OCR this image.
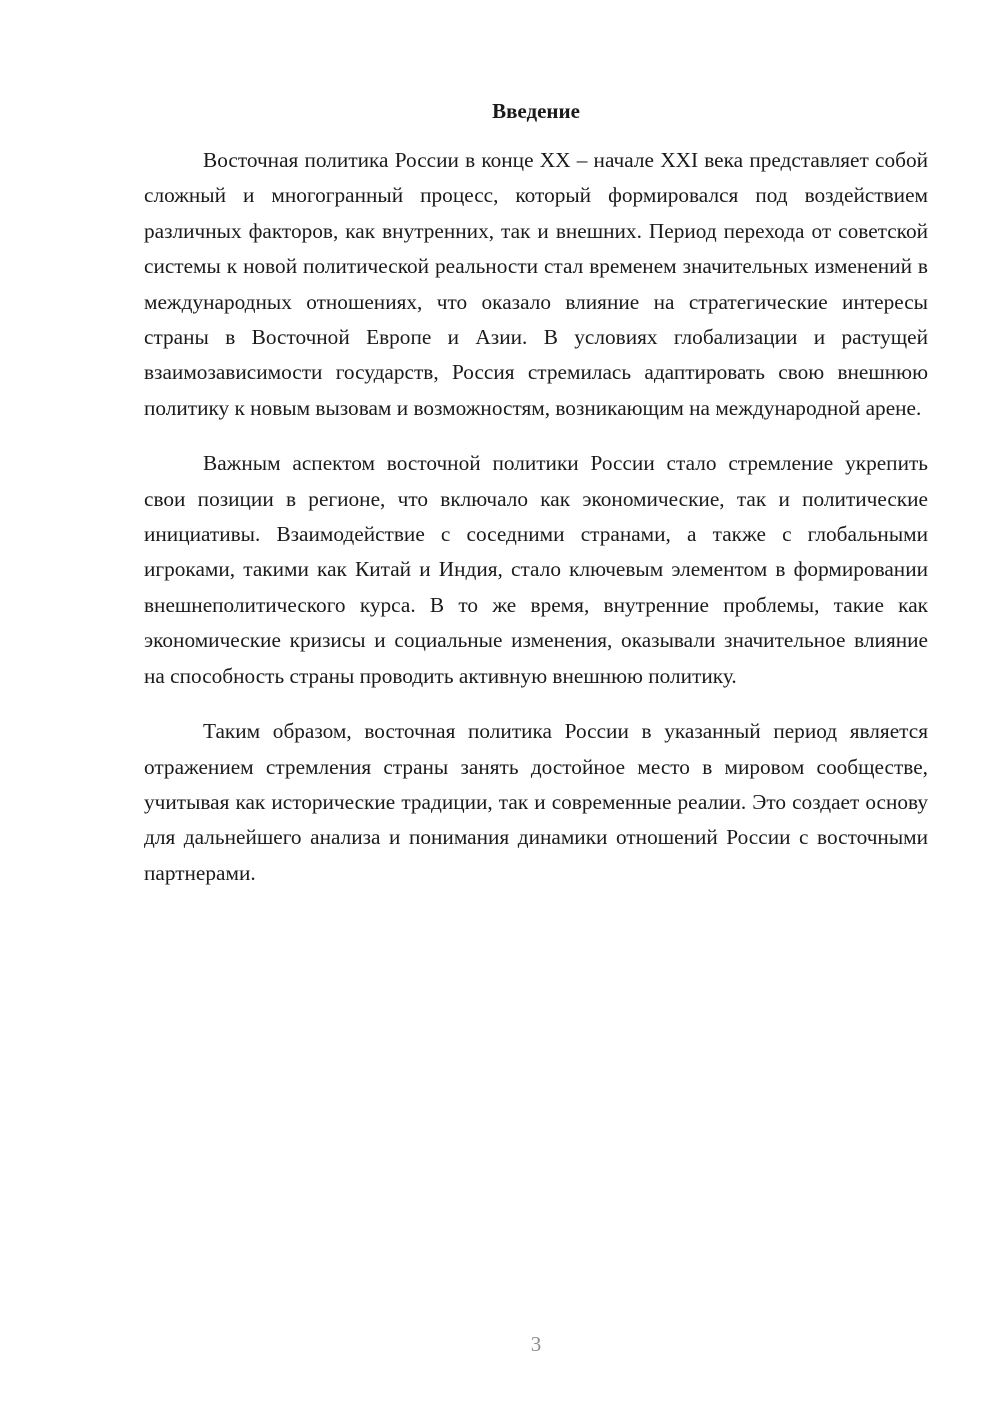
Введение

Восточная политика России в конце XX – начале XXI века представляет собой сложный и многогранный процесс, который формировался под воздействием различных факторов, как внутренних, так и внешних. Период перехода от советской системы к новой политической реальности стал временем значительных изменений в международных отношениях, что оказало влияние на стратегические интересы страны в Восточной Европе и Азии. В условиях глобализации и растущей взаимозависимости государств, Россия стремилась адаптировать свою внешнюю политику к новым вызовам и возможностям, возникающим на международной арене.

Важным аспектом восточной политики России стало стремление укрепить свои позиции в регионе, что включало как экономические, так и политические инициативы. Взаимодействие с соседними странами, а также с глобальными игроками, такими как Китай и Индия, стало ключевым элементом в формировании внешнеполитического курса. В то же время, внутренние проблемы, такие как экономические кризисы и социальные изменения, оказывали значительное влияние на способность страны проводить активную внешнюю политику.

Таким образом, восточная политика России в указанный период является отражением стремления страны занять достойное место в мировом сообществе, учитывая как исторические традиции, так и современные реалии. Это создает основу для дальнейшего анализа и понимания динамики отношений России с восточными партнерами.

3
